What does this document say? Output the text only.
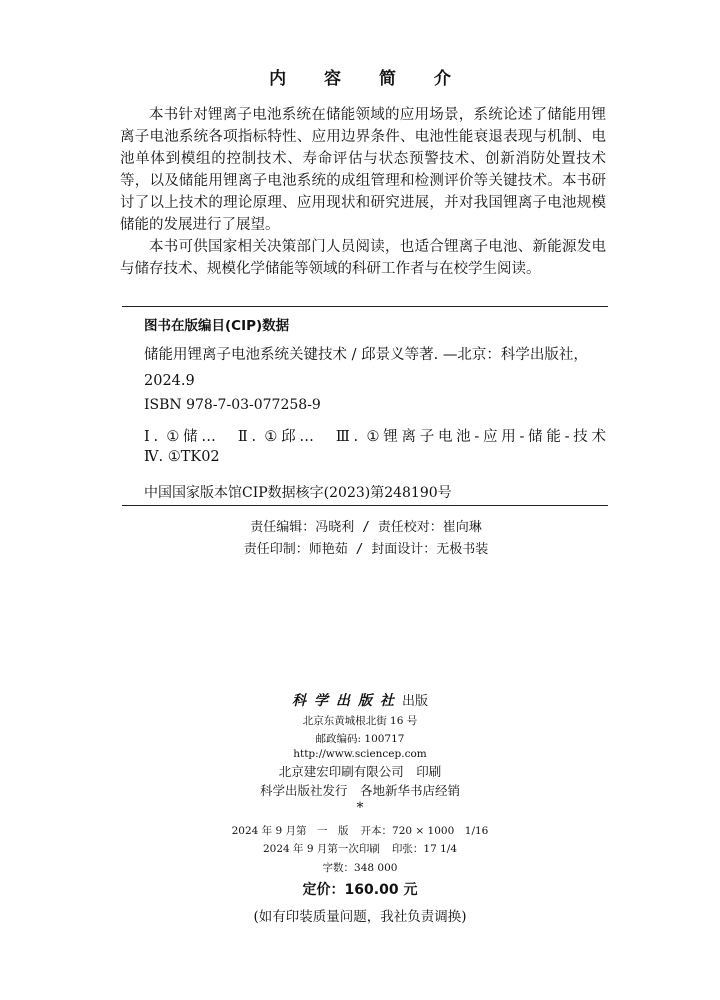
内 容 简 介

本书针对锂离子电池系统在储能领域的应用场景，系统论述了储能用锂离子电池系统各项指标特性、应用边界条件、电池性能衰退表现与机制、电池单体到模组的控制技术、寿命评估与状态预警技术、创新消防处置技术等，以及储能用锂离子电池系统的成组管理和检测评价等关键技术。本书研讨了以上技术的理论原理、应用现状和研究进展，并对我国锂离子电池规模储能的发展进行了展望。

本书可供国家相关决策部门人员阅读，也适合锂离子电池、新能源发电与储存技术、规模化学储能等领域的科研工作者与在校学生阅读。

图书在版编目(CIP)数据
储能用锂离子电池系统关键技术 / 邱景义等著. —北京：科学出版社，2024.9
ISBN 978-7-03-077258-9
Ⅰ. ①储…　Ⅱ. ①邱…　Ⅲ. ①锂离子电池-应用-储能-技术
Ⅳ. ①TK02
中国国家版本馆CIP数据核字(2023)第248190号
责任编辑：冯晓利 / 责任校对：崔向琳
责任印制：师艳茹 / 封面设计：无极书装
科学出版社出版
北京东黄城根北街 16 号
邮政编码: 100717
http://www.sciencep.com
北京建宏印刷有限公司　印刷
科学出版社发行　各地新华书店经销
*
2024 年 9 月第　一　版 开本：720 × 1000　1/16
2024 年 9 月第一次印刷 印张：17 1/4
字数：348 000
定价：160.00 元
(如有印装质量问题，我社负责调换)
